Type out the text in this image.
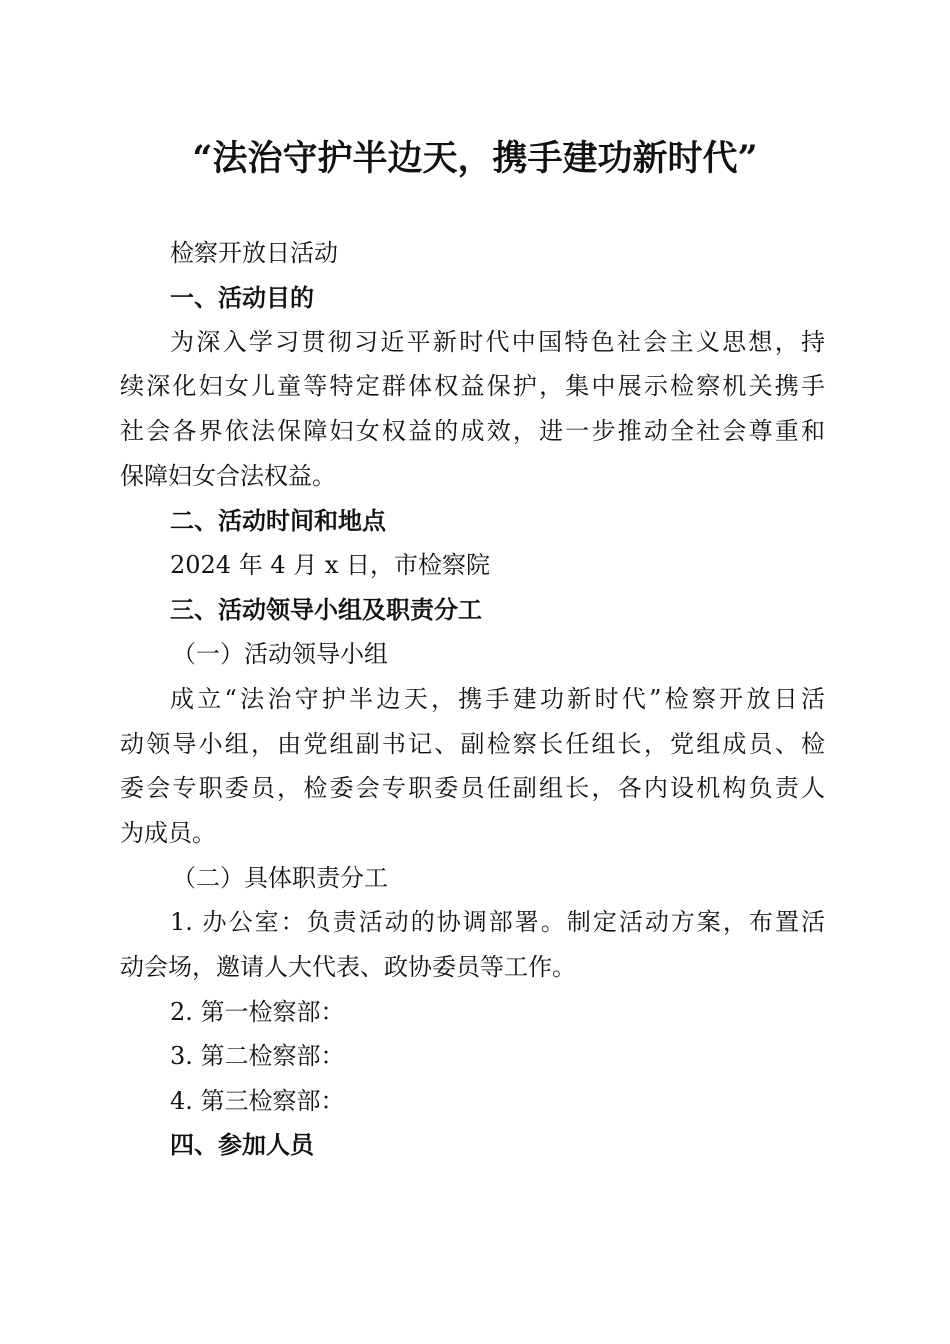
“法治守护半边天，携手建功新时代”

检察开放日活动

一、活动目的

为深入学习贯彻习近平新时代中国特色社会主义思想，持

续深化妇女儿童等特定群体权益保护，集中展示检察机关携手

社会各界依法保障妇女权益的成效，进一步推动全社会尊重和

保障妇女合法权益。

二、活动时间和地点

2024 年 4 月 x 日，市检察院

三、活动领导小组及职责分工

（一）活动领导小组

成立“法治守护半边天，携手建功新时代”检察开放日活

动领导小组，由党组副书记、副检察长任组长，党组成员、检

委会专职委员，检委会专职委员任副组长，各内设机构负责人

为成员。

（二）具体职责分工

1. 办公室：负责活动的协调部署。制定活动方案，布置活

动会场，邀请人大代表、政协委员等工作。

2. 第一检察部：

3. 第二检察部：

4. 第三检察部：

四、参加人员
